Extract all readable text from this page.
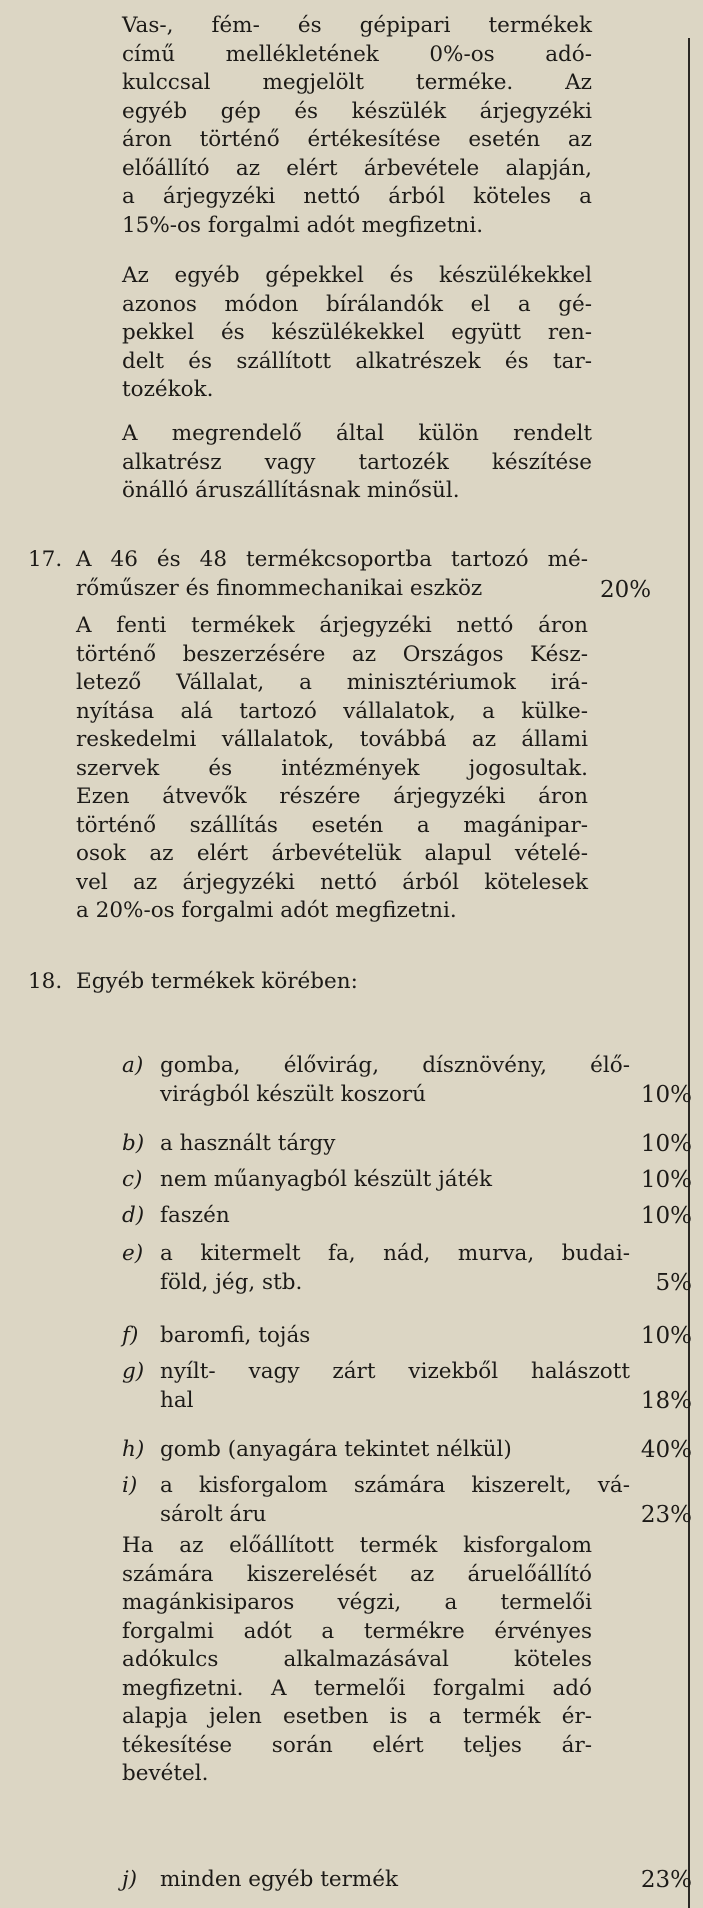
Vas-, fém- és gépipari termékek
című mellékletének 0%-os adó-
kulccsal megjelölt terméke. Az
egyéb gép és készülék árjegyzéki
áron történő értékesítése esetén az
előállító az elért árbevétele alapján,
a árjegyzéki nettó árból köteles a
15%-os forgalmi adót megfizetni.
Az egyéb gépekkel és készülékekkel
azonos módon bírálandók el a gé-
pekkel és készülékekkel együtt ren-
delt és szállított alkatrészek és tar-
tozékok.
A megrendelő által külön rendelt
alkatrész vagy tartozék készítése
önálló áruszállításnak minősül.
17. A 46 és 48 termékcsoportba tartozó mé-
rőműszer és finommechanikai eszköz	20%
A fenti termékek árjegyzéki nettó áron
történő beszerzésére az Országos Kész-
letező Vállalat, a minisztériumok irá-
nyítása alá tartozó vállalatok, a külke-
reskedelmi vállalatok, továbbá az állami
szervek és intézmények jogosultak.
Ezen átvevők részére árjegyzéki áron
történő szállítás esetén a magánipar-
osok az elért árbevételük alapul vételé-
vel az árjegyzéki nettó árból kötelesek
a 20%-os forgalmi adót megfizetni.
18. Egyéb termékek körében:
a) gomba, élővirág, dísznövény, élő-
virágból készült koszorú	10%
b) a használt tárgy	10%
c) nem műanyagból készült játék	10%
d) faszén	10%
e) a kitermelt fa, nád, murva, budai-
föld, jég, stb.	5%
f) baromfi, tojás	10%
g) nyílt- vagy zárt vizekből halászott
hal	18%
h) gomb (anyagára tekintet nélkül)	40%
i) a kisforgalom számára kiszerelt, vá-
sárolt áru	23%
Ha az előállított termék kisforgalom
számára kiszerelését az áruelőállító
magánkisiparos végzi, a termelői
forgalmi adót a termékre érvényes
adókulcs alkalmazásával köteles
megfizetni. A termelői forgalmi adó
alapja jelen esetben is a termék ér-
tékesítése során elért teljes ár-
bevétel.
j) minden egyéb termék	23%
